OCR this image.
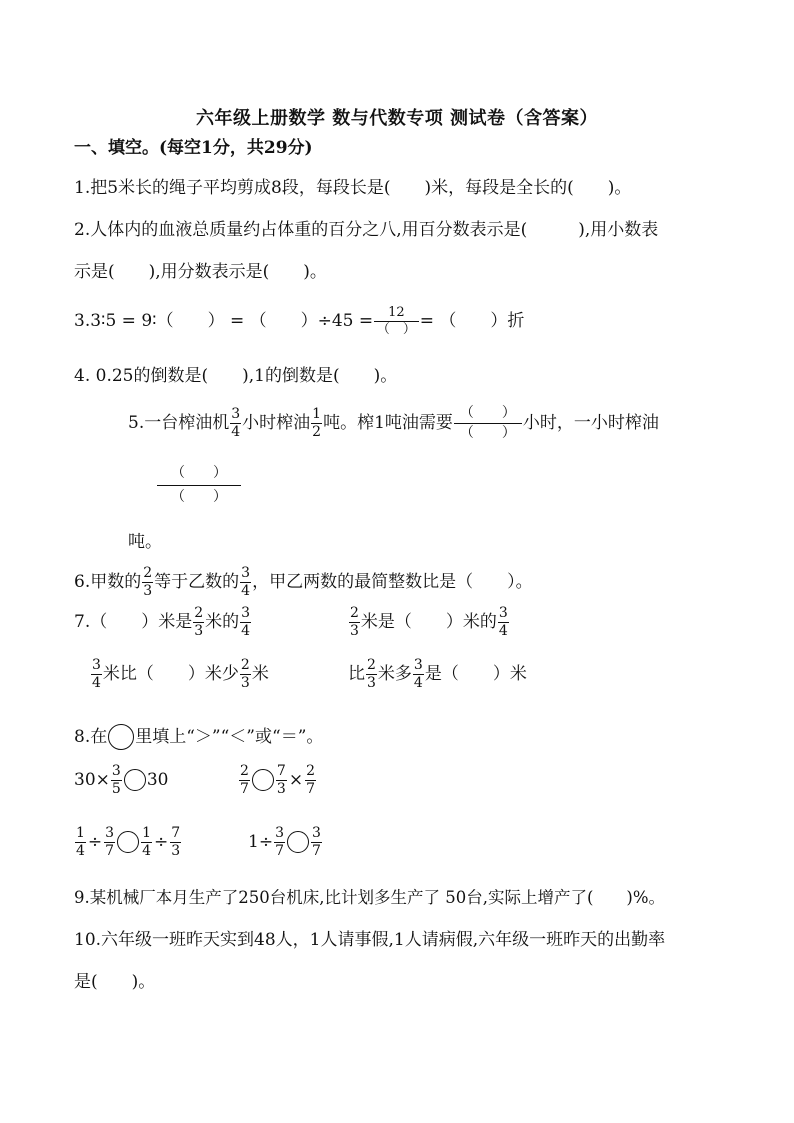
六年级上册数学 数与代数专项 测试卷（含答案）
一、填空。(每空1分，共29分)
1.把5米长的绳子平均剪成8段，每段长是(　　)米，每段是全长的(　　)。
2.人体内的血液总质量约占体重的百分之八,用百分数表示是(　　　),用小数表
示是(　　),用分数表示是(　　)。
3.3∶5 = 9∶（　　） = （　　）$\div 45 = \frac{12}{( )}$ = （　　）折
4. 0.25的倒数是(　　),1的倒数是(　　)。
5.一台榨油机 $\frac{3}{4}$ 小时榨油 $\frac{1}{2}$ 吨。榨1吨油需要 $\frac{( )}{( )}$ 小时，一小时榨油
$\frac{( )}{( )}$
吨。
6.甲数的 $\frac{2}{3}$ 等于乙数的 $\frac{3}{4}$ ，甲乙两数的最简整数比是（　　）。
7.（　　）米是 $\frac{2}{3}$ 米的 $\frac{3}{4}$	$\frac{2}{3}$ 米是（　　）米的 $\frac{3}{4}$
$\frac{3}{4}$ 米比（　　）米少 $\frac{2}{3}$ 米	比 $\frac{2}{3}$ 米多 $\frac{3}{4}$ 是（　　）米
8.在 里填上“＞”“＜”或“＝”。
$30\times \frac{3}{5} 30$	$\frac{2}{7} \frac{7}{3} \times \frac{2}{7}$
$\frac{1}{4} \div \frac{3}{7} \frac{1}{4} \div \frac{7}{3}$	$1\div \frac{3}{7} \frac{3}{7}$
9.某机械厂本月生产了250台机床,比计划多生产了 50台,实际上增产了(　　)%。
10.六年级一班昨天实到48人，1人请事假,1人请病假,六年级一班昨天的出勤率
是(　　)。
